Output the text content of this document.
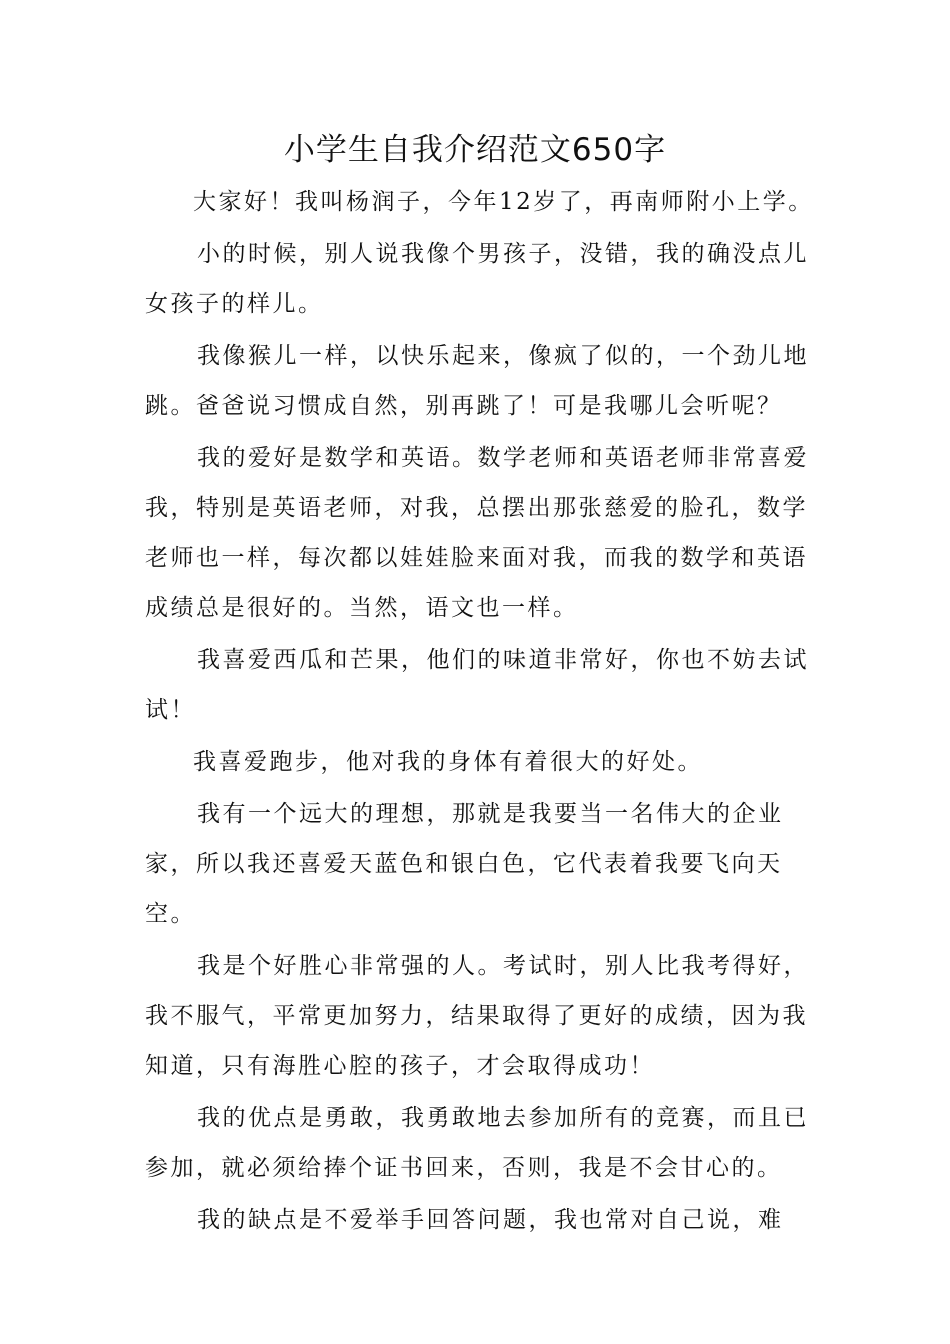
小学生自我介绍范文650字

大家好！我叫杨润子，今年12岁了，再南师附小上学。

小的时候，别人说我像个男孩子，没错，我的确没点儿女孩子的样儿。

我像猴儿一样，以快乐起来，像疯了似的，一个劲儿地跳。爸爸说习惯成自然，别再跳了！可是我哪儿会听呢？

我的爱好是数学和英语。数学老师和英语老师非常喜爱我，特别是英语老师，对我，总摆出那张慈爱的脸孔，数学老师也一样，每次都以娃娃脸来面对我，而我的数学和英语成绩总是很好的。当然，语文也一样。

我喜爱西瓜和芒果，他们的味道非常好，你也不妨去试试！

我喜爱跑步，他对我的身体有着很大的好处。

我有一个远大的理想，那就是我要当一名伟大的企业家，所以我还喜爱天蓝色和银白色，它代表着我要飞向天空。

我是个好胜心非常强的人。考试时，别人比我考得好，我不服气，平常更加努力，结果取得了更好的成绩，因为我知道，只有海胜心腔的孩子，才会取得成功！

我的优点是勇敢，我勇敢地去参加所有的竞赛，而且已参加，就必须给捧个证书回来，否则，我是不会甘心的。

我的缺点是不爱举手回答问题，我也常对自己说，难
